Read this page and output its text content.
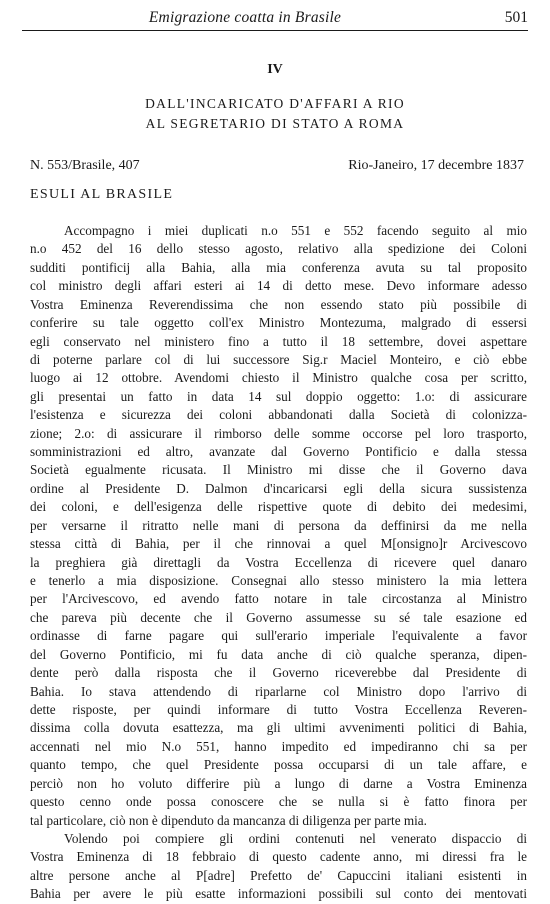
Emigrazione coatta in Brasile	501
IV
DALL'INCARICATO D'AFFARI A RIO
AL SEGRETARIO DI STATO A ROMA
N. 553/Brasile, 407	Rio-Janeiro, 17 decembre 1837
ESULI AL BRASILE
Accompagno i miei duplicati n.o 551 e 552 facendo seguito al mio
n.o 452 del 16 dello stesso agosto, relativo alla spedizione dei Coloni
sudditi pontificij alla Bahia, alla mia conferenza avuta su tal proposito
col ministro degli affari esteri ai 14 di detto mese. Devo informare adesso
Vostra Eminenza Reverendissima che non essendo stato più possibile di
conferire su tale oggetto coll'ex Ministro Montezuma, malgrado di essersi
egli conservato nel ministero fino a tutto il 18 settembre, dovei aspettare
di poterne parlare col di lui successore Sig.r Maciel Monteiro, e ciò ebbe
luogo ai 12 ottobre. Avendomi chiesto il Ministro qualche cosa per scritto,
gli presentai un fatto in data 14 sul doppio oggetto: 1.o: di assicurare
l'esistenza e sicurezza dei coloni abbandonati dalla Società di colonizza-
zione; 2.o: di assicurare il rimborso delle somme occorse pel loro trasporto,
somministrazioni ed altro, avanzate dal Governo Pontificio e dalla stessa
Società egualmente ricusata. Il Ministro mi disse che il Governo dava
ordine al Presidente D. Dalmon d'incaricarsi egli della sicura sussistenza
dei coloni, e dell'esigenza delle rispettive quote di debito dei medesimi,
per versarne il ritratto nelle mani di persona da deffinirsi da me nella
stessa città di Bahia, per il che rinnovai a quel M[onsigno]r Arcivescovo
la preghiera già direttagli da Vostra Eccellenza di ricevere quel danaro
e tenerlo a mia disposizione. Consegnai allo stesso ministero la mia lettera
per l'Arcivescovo, ed avendo fatto notare in tale circostanza al Ministro
che pareva più decente che il Governo assumesse su sé tale esazione ed
ordinasse di farne pagare qui sull'erario imperiale l'equivalente a favor
del Governo Pontificio, mi fu data anche di ciò qualche speranza, dipen-
dente però dalla risposta che il Governo riceverebbe dal Presidente di
Bahia. Io stava attendendo di riparlarne col Ministro dopo l'arrivo di
dette risposte, per quindi informare di tutto Vostra Eccellenza Reveren-
dissima colla dovuta esattezza, ma gli ultimi avvenimenti politici di Bahia,
accennati nel mio N.o 551, hanno impedito ed impediranno chi sa per
quanto tempo, che quel Presidente possa occuparsi di un tale affare, e
perciò non ho voluto differire più a lungo di darne a Vostra Eminenza
questo cenno onde possa conoscere che se nulla si è fatto finora per
tal particolare, ciò non è dipenduto da mancanza di diligenza per parte mia.
Volendo poi compiere gli ordini contenuti nel venerato dispaccio di
Vostra Eminenza di 18 febbraio di questo cadente anno, mi diressi fra le
altre persone anche al P[adre] Prefetto de' Capuccini italiani esistenti in
Bahia per avere le più esatte informazioni possibili sul conto dei mentovati
